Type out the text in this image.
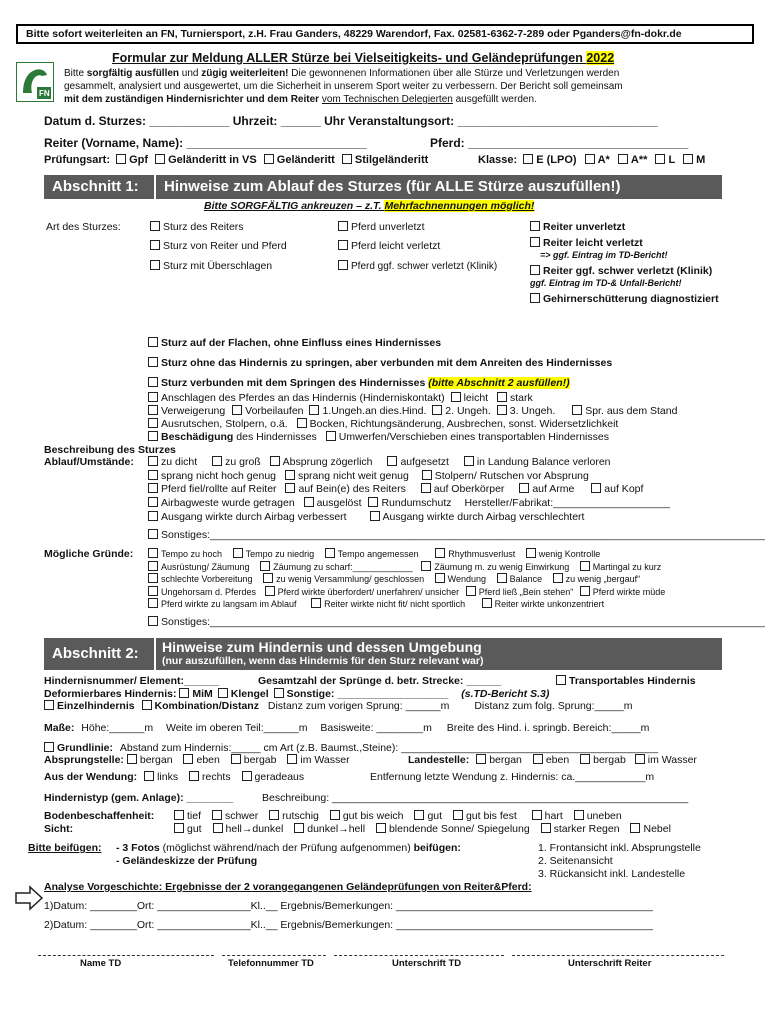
Bitte sofort weiterleiten an FN, Turniersport, z.H. Frau Ganders, 48229 Warendorf, Fax. 02581-6362-7-289 oder Pganders@fn-dokr.de
FN
Formular zur Meldung ALLER Stürze bei Vielseitigkeits- und Geländeprüfungen 2022
Bitte sorgfältig ausfüllen und zügig weiterleiten! Die gewonnenen Informationen über alle Stürze und Verletzungen werden
gesammelt, analysiert und ausgewertet, um die Sicherheit in unserem Sport weiter zu verbessern. Der Bericht soll gemeinsam
mit dem zuständigen Hindernisrichter und dem Reiter vom Technischen Delegierten ausgefüllt werden.
Datum d. Sturzes: ____________ Uhrzeit: ______ Uhr Veranstaltungsort: ______________________________
Reiter (Vorname, Name): ___________________________	Pferd: _________________________________
Prüfungsart: Gpf Geländeritt in VS Geländeritt Stilgeländeritt	Klasse: E (LPO) A* A** L M
Abschnitt 1:	Hinweise zum Ablauf des Sturzes (für ALLE Stürze auszufüllen!)
Bitte SORGFÄLTIG ankreuzen – z.T. Mehrfachnennungen möglich!
Art des Sturzes:	Sturz des Reiters
Sturz von Reiter und Pferd
Sturz mit Überschlagen
Pferd unverletzt
Pferd leicht verletzt
Pferd ggf. schwer verletzt (Klinik)
Reiter unverletzt
Reiter leicht verletzt
=> ggf. Eintrag im TD-Bericht!
Reiter ggf. schwer verletzt (Klinik)
ggf. Eintrag im TD-& Unfall-Bericht!
Gehirnerschütterung diagnostiziert
Sturz auf der Flachen, ohne Einfluss eines Hindernisses
Sturz ohne das Hindernis zu springen, aber verbunden mit dem Anreiten des Hindernisses
Sturz verbunden mit dem Springen des Hindernisses (bitte Abschnitt 2 ausfüllen!)
Anschlagen des Pferdes an das Hindernis (Hinderniskontakt) leicht stark
Verweigerung Vorbeilaufen 1.Ungeh.an dies.Hind. 2. Ungeh. 3. Ungeh.	Spr. aus dem Stand
Ausrutschen, Stolpern, o.ä. Bocken, Richtungsänderung, Ausbrechen, sonst. Widersetzlichkeit
Beschädigung des Hindernisses Umwerfen/Verschieben eines transportablen Hindernisses
Beschreibung des Sturzes
Ablauf/Umstände:	zu dicht	zu groß Absprung zögerlich	aufgesetzt	in Landung Balance verloren
sprang nicht hoch genug sprang nicht weit genug Stolpern/ Rutschen vor Absprung
Pferd fiel/rollte auf Reiter auf Bein(e) des Reiters	auf Oberkörper	auf Arme	auf Kopf
Airbagweste wurde getragen ausgelöst Rundumschutz Hersteller/Fabrikat:____________________
Ausgang wirkte durch Airbag verbessert	Ausgang wirkte durch Airbag verschlechtert
Sonstiges:_______________________________________________________________________________________________
Mögliche Gründe:	Tempo zu hoch	Tempo zu niedrig	Tempo angemessen	Rhythmusverlust	wenig Kontrolle
Ausrüstung/ Zäumung	Zäumung zu scharf:____________ Zäumung m. zu wenig Einwirkung	Martingal zu kurz
schlechte Vorbereitung	zu wenig Versammlung/ geschlossen	Wendung	Balance	zu wenig „bergauf“
Ungehorsam d. Pferdes Pferd wirkte überfordert/ unerfahren/ unsicher Pferd ließ „Bein stehen“ Pferd wirkte müde
Pferd wirkte zu langsam im Ablauf	Reiter wirkte nicht fit/ nicht sportlich	Reiter wirkte unkonzentriert
Sonstiges:_______________________________________________________________________________________________
Abschnitt 2:	Hinweise zum Hindernis und dessen Umgebung
(nur auszufüllen, wenn das Hindernis für den Sturz relevant war)
Hindernisnummer/ Element:______	Gesamtzahl der Sprünge d. betr. Strecke: ______	Transportables Hindernis
Deformierbares Hindernis: MiM Klengel Sonstige: ___________________ (s.TD-Bericht S.3)
Einzelhindernis Kombination/Distanz Distanz zum vorigen Sprung: ______m Distanz zum folg. Sprung:_____m
Maße: Höhe:______m Weite im oberen Teil:______m Basisweite: ________m Breite des Hind. i. springb. Bereich:_____m
Grundlinie: Abstand zum Hindernis:_____ cm Art (z.B. Baumst.,Steine): ____________________________________________
Absprungstelle: bergan eben bergab im Wasser	Landestelle: bergan eben bergab im Wasser
Aus der Wendung: links rechts geradeaus	Entfernung letzte Wendung z. Hindernis: ca.____________m
Hindernistyp (gem. Anlage): ________	Beschreibung: _____________________________________________________________
Bodenbeschaffenheit:	tief schwer rutschig gut bis weich gut gut bis fest	hart uneben
Sicht:	gut hell→dunkel dunkel→hell blendende Sonne/ Spiegelung starker Regen Nebel
Bitte beifügen: - 3 Fotos (möglichst während/nach der Prüfung aufgenommen) beifügen:
- Geländeskizze der Prüfung
1. Frontansicht inkl. Absprungstelle
2. Seitenansicht
3. Rückansicht inkl. Landestelle
Analyse Vorgeschichte: Ergebnisse der 2 vorangegangenen Geländeprüfungen von Reiter&Pferd:
1)Datum: ________Ort: ________________Kl..__ Ergebnis/Bemerkungen: ____________________________________________
2)Datum: ________Ort: ________________Kl..__ Ergebnis/Bemerkungen: ____________________________________________
Name TD	Telefonnummer TD	Unterschrift TD	Unterschrift Reiter
